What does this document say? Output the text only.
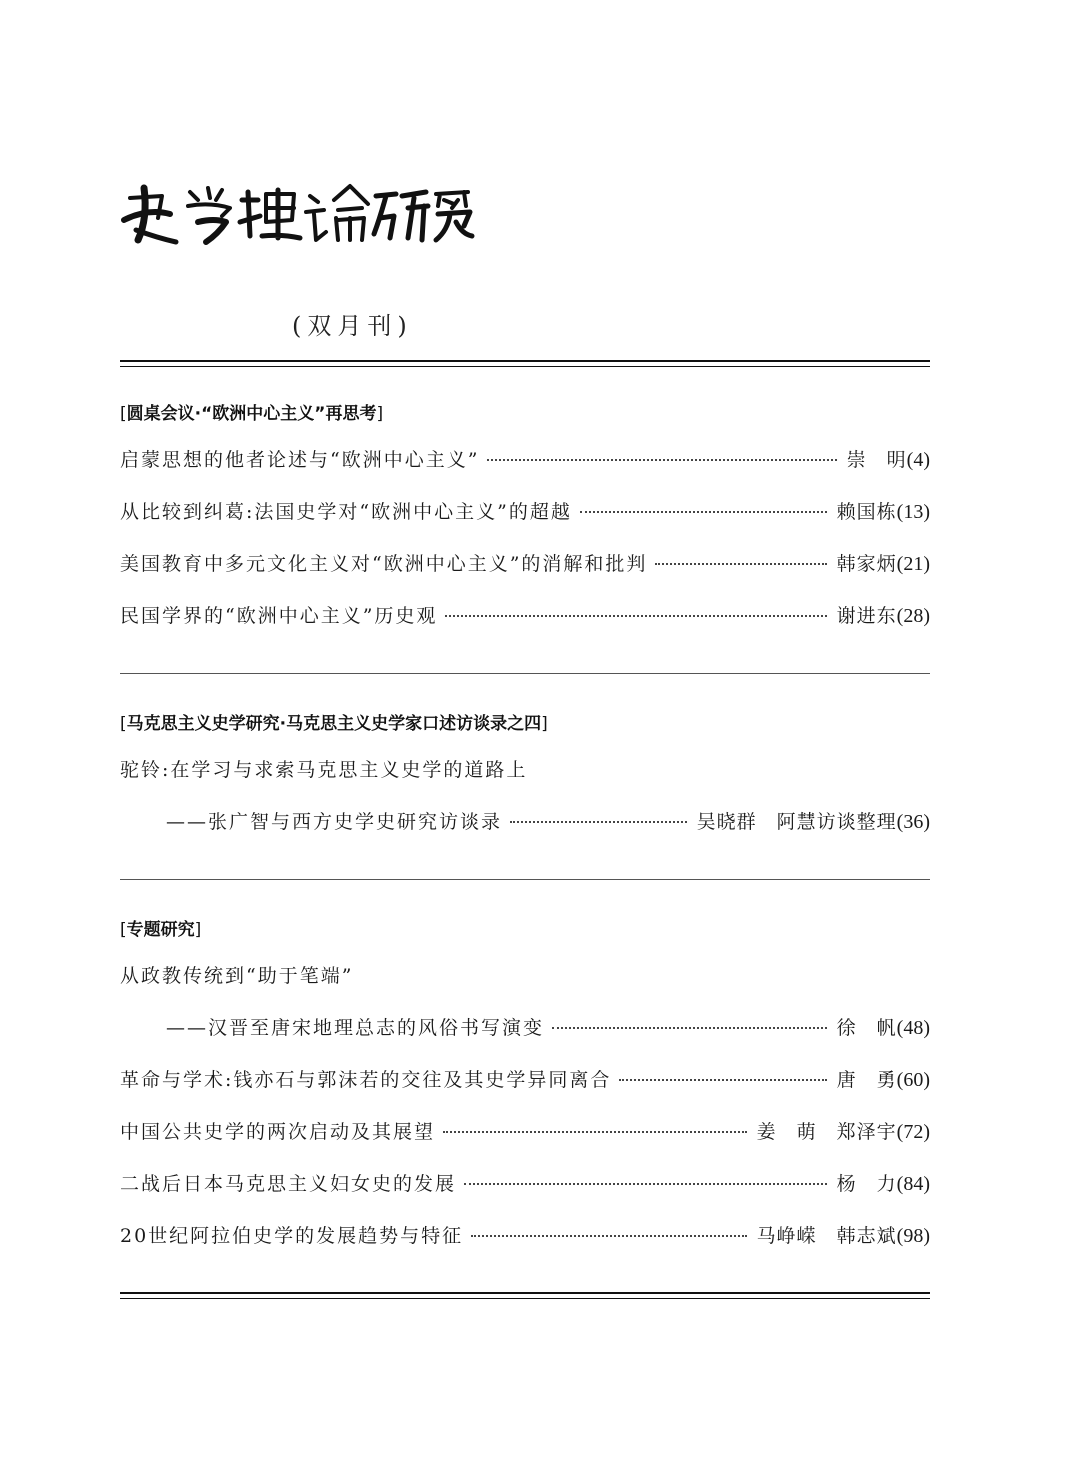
(双月刊)
[圆桌会议·“欧洲中心主义”再思考]
启蒙思想的他者论述与“欧洲中心主义”	崇　明 (4)
从比较到纠葛:法国史学对“欧洲中心主义”的超越	赖国栋 (13)
美国教育中多元文化主义对“欧洲中心主义”的消解和批判	韩家炳 (21)
民国学界的“欧洲中心主义”历史观	谢进东 (28)
[马克思主义史学研究·马克思主义史学家口述访谈录之四]
驼铃:在学习与求索马克思主义史学的道路上
——张广智与西方史学史研究访谈录	吴晓群　阿慧访谈整理 (36)
[专题研究]
从政教传统到“助于笔端”
——汉晋至唐宋地理总志的风俗书写演变	徐　帆 (48)
革命与学术:钱亦石与郭沫若的交往及其史学异同离合	唐　勇 (60)
中国公共史学的两次启动及其展望	姜　萌　郑泽宇 (72)
二战后日本马克思主义妇女史的发展	杨　力 (84)
20世纪阿拉伯史学的发展趋势与特征	马峥嵘　韩志斌 (98)
